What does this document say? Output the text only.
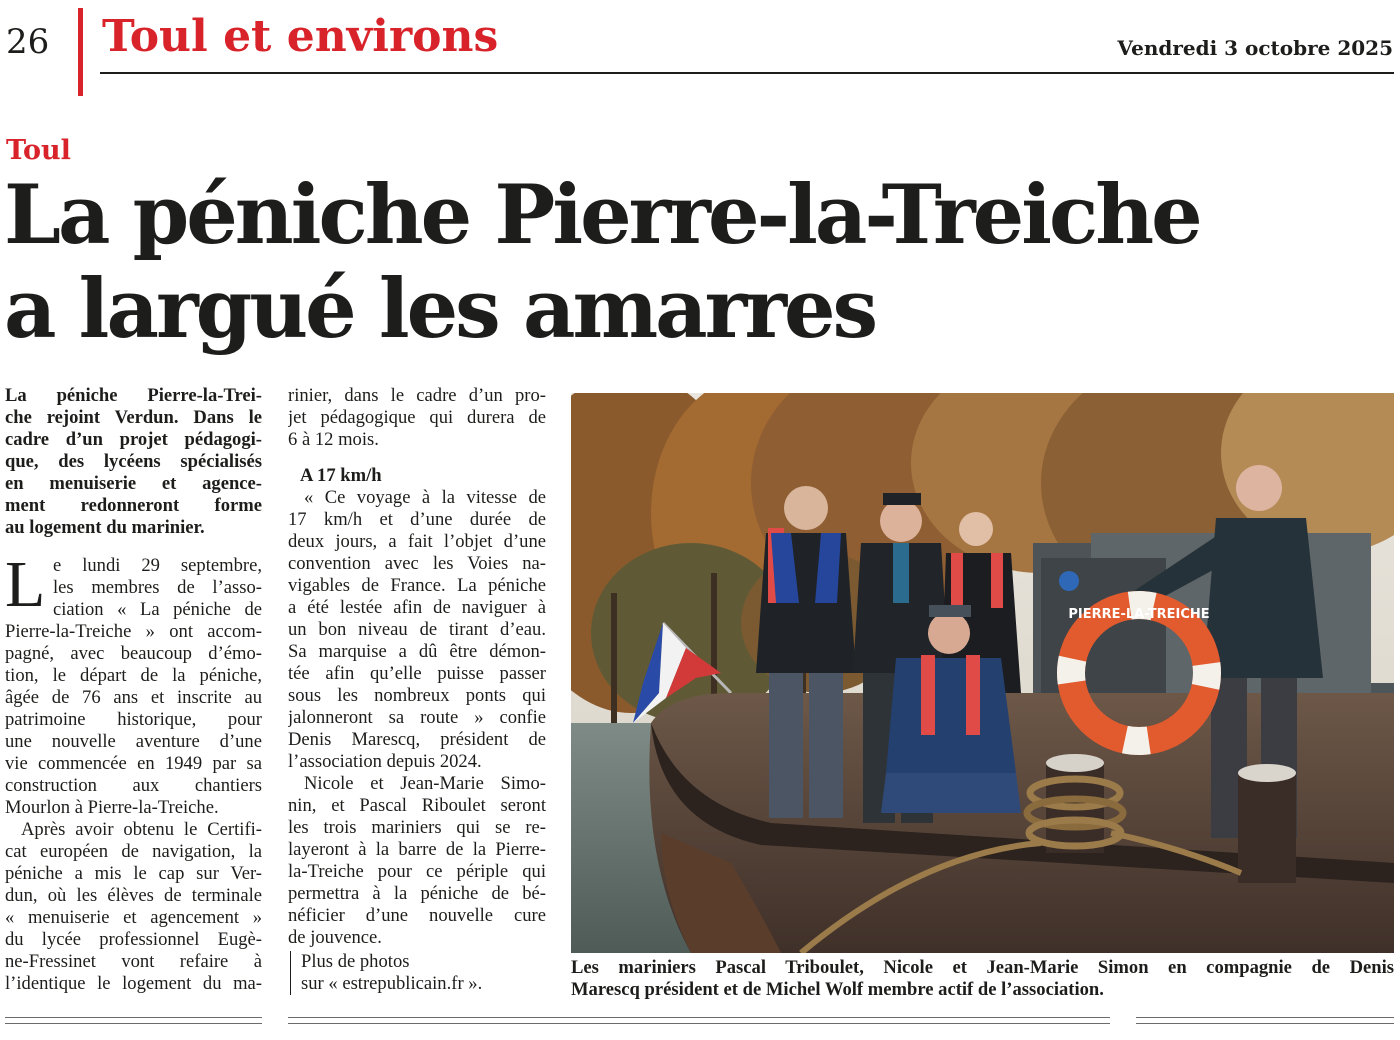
26 Toul et environs	Vendredi 3 octobre 2025
Toul
La péniche Pierre-la-Treiche
a largué les amarres
La péniche Pierre-la-Trei-
che rejoint Verdun. Dans le
cadre d’un projet pédagogi-
que, des lycéens spécialisés
en menuiserie et agence-
ment redonneront forme
au logement du marinier.
L e lundi 29 septembre,
les membres de l’asso-
ciation « La péniche de
Pierre-la-Treiche » ont accom-
pagné, avec beaucoup d’émo-
tion, le départ de la péniche,
âgée de 76 ans et inscrite au
patrimoine historique, pour
une nouvelle aventure d’une
vie commencée en 1949 par sa
construction aux chantiers
Mourlon à Pierre-la-Treiche.
Après avoir obtenu le Certifi-
cat européen de navigation, la
péniche a mis le cap sur Ver-
dun, où les élèves de terminale
« menuiserie et agencement »
du lycée professionnel Eugè-
ne-Fressinet vont refaire à
l’identique le logement du ma-
rinier, dans le cadre d’un pro-
jet pédagogique qui durera de
6 à 12 mois.
A 17 km/h
« Ce voyage à la vitesse de
17 km/h et d’une durée de
deux jours, a fait l’objet d’une
convention avec les Voies na-
vigables de France. La péniche
a été lestée afin de naviguer à
un bon niveau de tirant d’eau.
Sa marquise a dû être démon-
tée afin qu’elle puisse passer
sous les nombreux ponts qui
jalonneront sa route » confie
Denis Marescq, président de
l’association depuis 2024.
Nicole et Jean-Marie Simo-
nin, et Pascal Riboulet seront
les trois mariniers qui se re-
layeront à la barre de la Pierre-
la-Treiche pour ce périple qui
permettra à la péniche de bé-
néficier d’une nouvelle cure
de jouvence.
Plus de photos
sur « estrepublicain.fr ».
PIERRE-LA-TREICHE
Les mariniers Pascal Triboulet, Nicole et Jean-Marie Simon en compagnie de Denis
Marescq président et de Michel Wolf membre actif de l’association.
